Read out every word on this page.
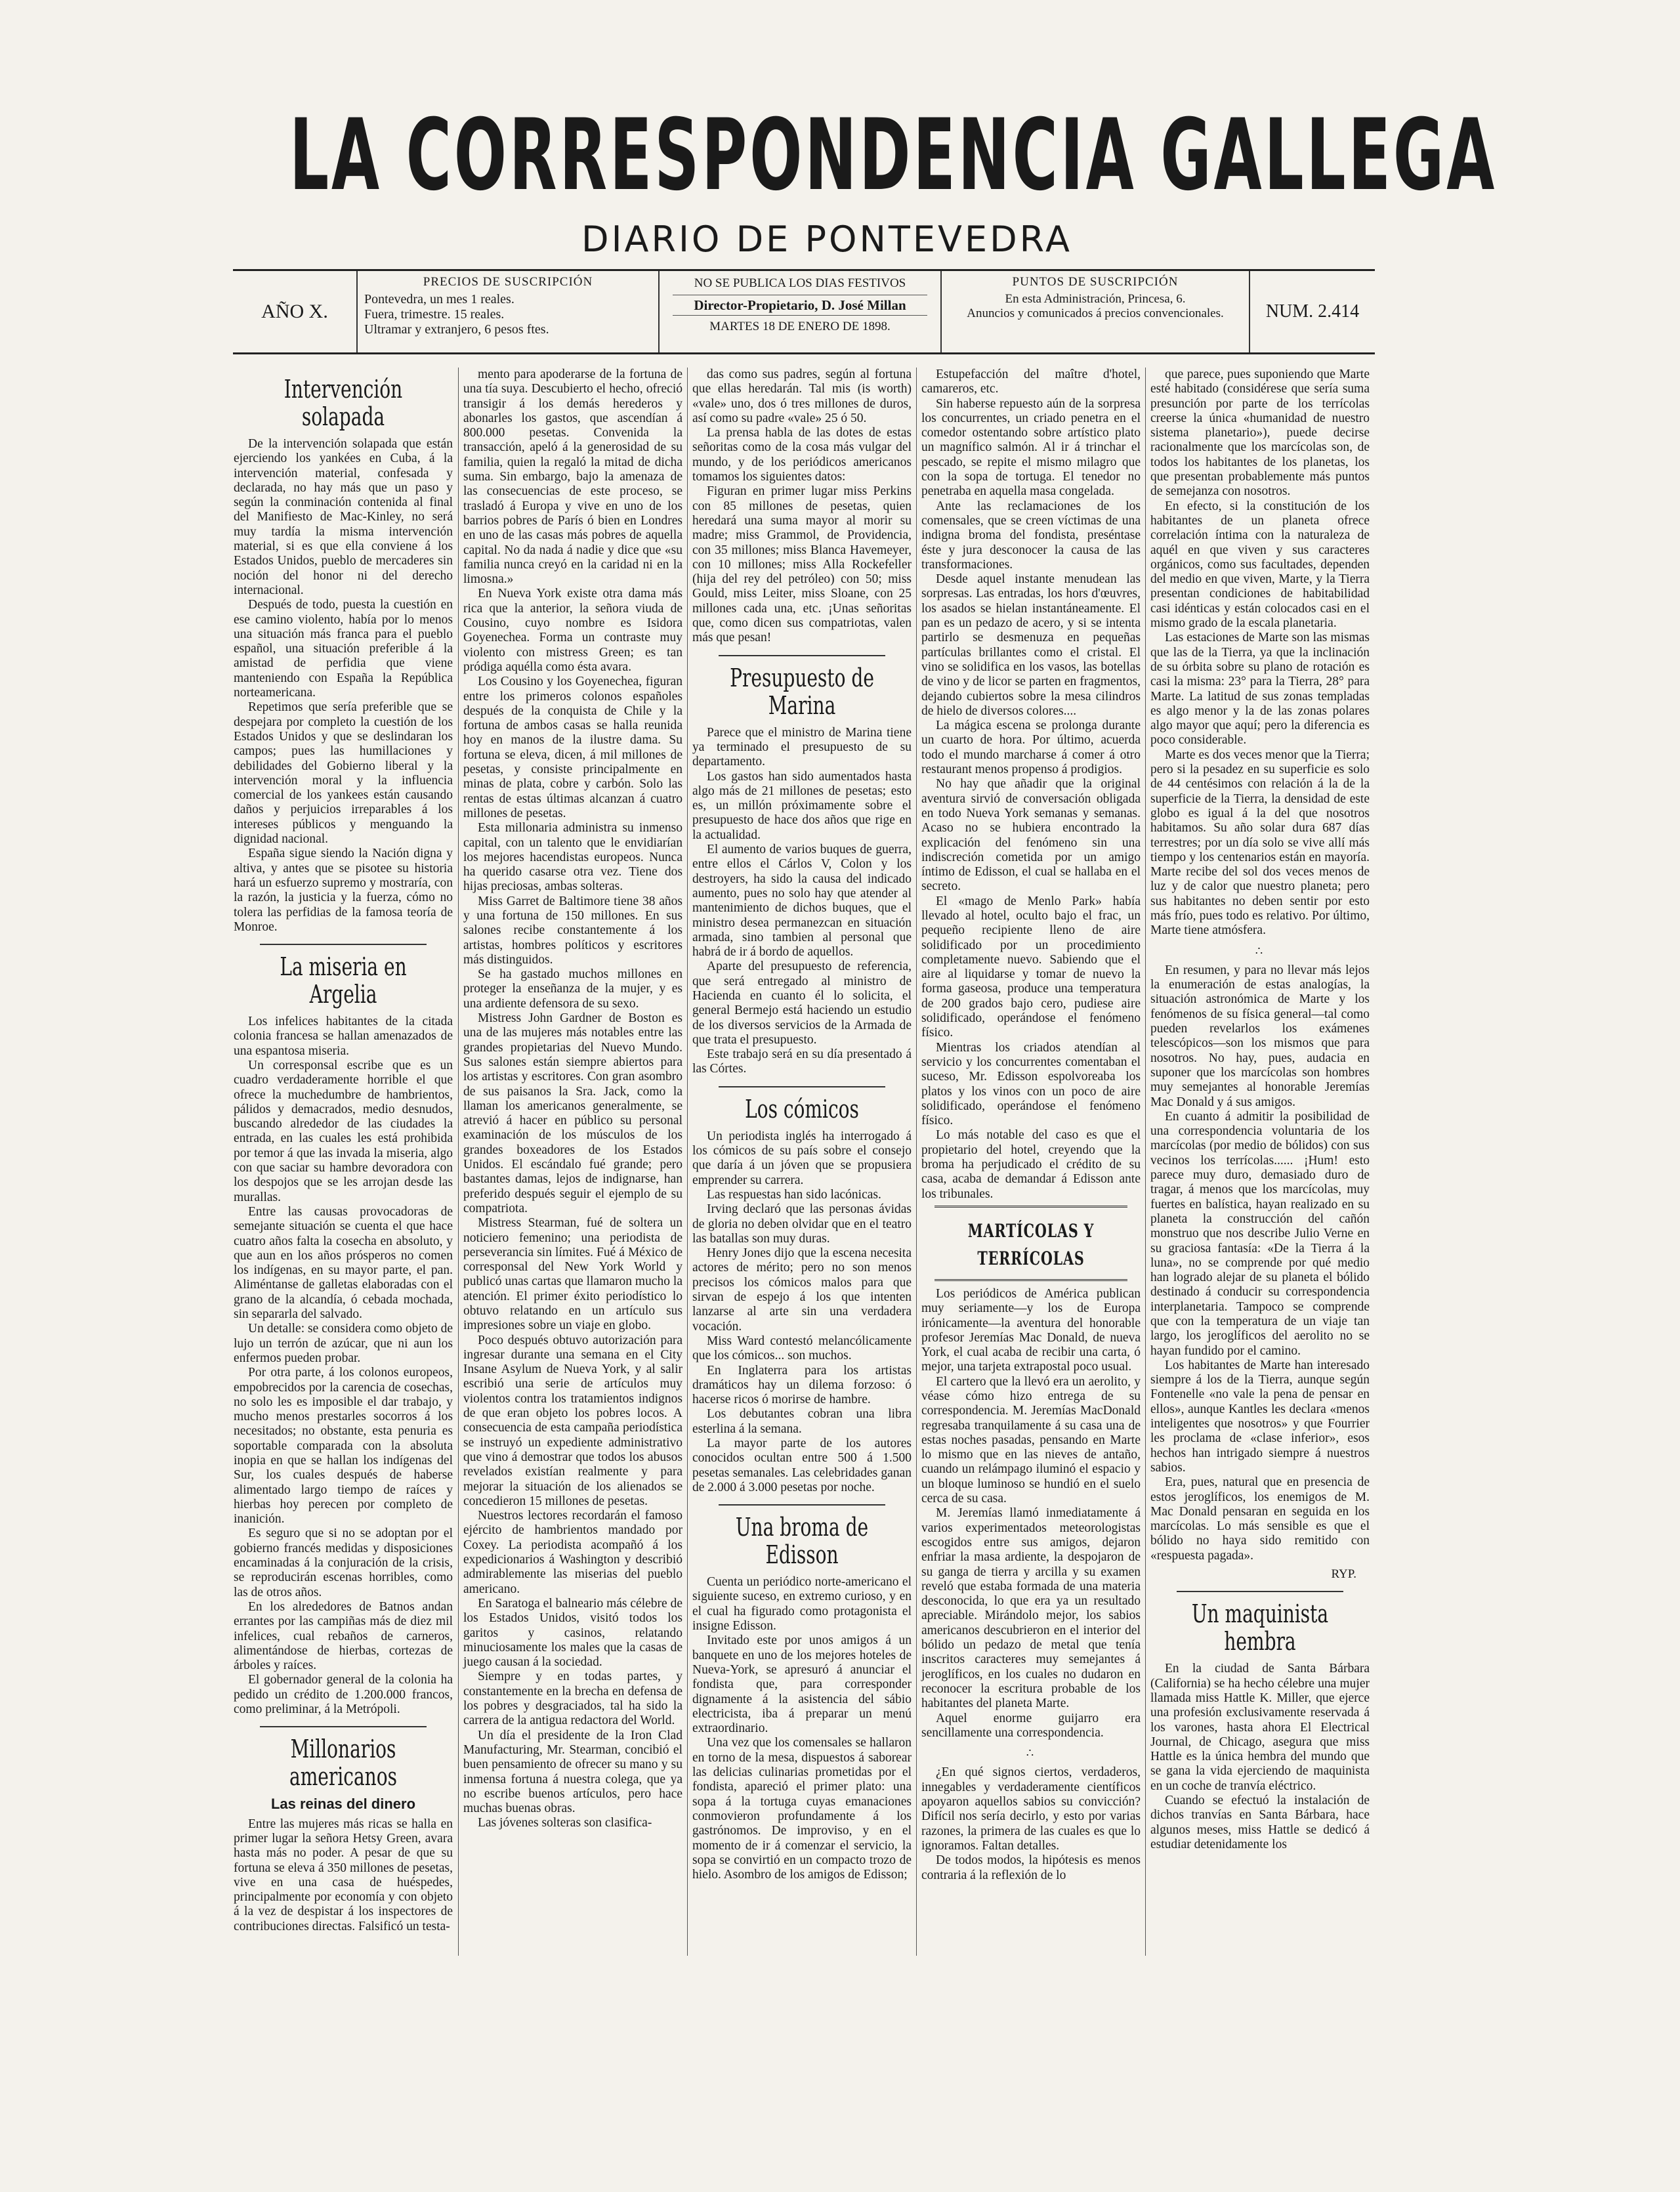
LA CORRESPONDENCIA GALLEGA
DIARIO DE PONTEVEDRA
AÑO X.
PRECIOS DE SUSCRIPCIÓN

Pontevedra, un mes 1 reales.

Fuera, trimestre. 15 reales.

Ultramar y extranjero, 6 pesos ftes.

NO SE PUBLICA LOS DIAS FESTIVOS

Director-Propietario, D. José Millan

MARTES 18 DE ENERO DE 1898.

PUNTOS DE SUSCRIPCIÓN

En esta Administración, Princesa, 6.

Anuncios y comunicados á precios convencionales.	NUM. 2.414
Intervención solapada

De la intervención solapada que están ejerciendo los yankées en Cuba, á la intervención material, confesada y declarada, no hay más que un paso y según la conminación contenida al final del Manifiesto de Mac-Kinley, no será muy tardía la misma intervención material, si es que ella conviene á los Estados Unidos, pueblo de mercaderes sin noción del honor ni del derecho internacional.

Después de todo, puesta la cuestión en ese camino violento, había por lo menos una situación más franca para el pueblo español, una situación preferible á la amistad de perfidia que viene manteniendo con España la República norteamericana.

Repetimos que sería preferible que se despejara por completo la cuestión de los Estados Unidos y que se deslindaran los campos; pues las humillaciones y debilidades del Gobierno liberal y la intervención moral y la influencia comercial de los yankees están causando daños y perjuicios irreparables á los intereses públicos y menguando la dignidad nacional.

España sigue siendo la Nación digna y altiva, y antes que se pisotee su historia hará un esfuerzo supremo y mostraría, con la razón, la justicia y la fuerza, cómo no tolera las perfidias de la famosa teoría de Monroe.

La miseria en Argelia

Los infelices habitantes de la citada colonia francesa se hallan amenazados de una espantosa miseria.

Un corresponsal escribe que es un cuadro verdaderamente horrible el que ofrece la muchedumbre de hambrientos, pálidos y demacrados, medio desnudos, buscando alrededor de las ciudades la entrada, en las cuales les está prohibida por temor á que las invada la miseria, algo con que saciar su hambre devoradora con los despojos que se les arrojan desde las murallas.

Entre las causas provocadoras de semejante situación se cuenta el que hace cuatro años falta la cosecha en absoluto, y que aun en los años prósperos no comen los indígenas, en su mayor parte, el pan. Aliméntanse de galletas elaboradas con el grano de la alcandía, ó cebada mochada, sin separarla del salvado.

Un detalle: se considera como objeto de lujo un terrón de azúcar, que ni aun los enfermos pueden probar.

Por otra parte, á los colonos europeos, empobrecidos por la carencia de cosechas, no solo les es imposible el dar trabajo, y mucho menos prestarles socorros á los necesitados; no obstante, esta penuria es soportable comparada con la absoluta inopia en que se hallan los indígenas del Sur, los cuales después de haberse alimentado largo tiempo de raíces y hierbas hoy perecen por completo de inanición.

Es seguro que si no se adoptan por el gobierno francés medidas y disposiciones encaminadas á la conjuración de la crisis, se reproducirán escenas horribles, como las de otros años.

En los alrededores de Batnos andan errantes por las campiñas más de diez mil infelices, cual rebaños de carneros, alimentándose de hierbas, cortezas de árboles y raíces.

El gobernador general de la colonia ha pedido un crédito de 1.200.000 francos, como preliminar, á la Metrópoli.

Millonarios americanos
Las reinas del dinero

Entre las mujeres más ricas se halla en primer lugar la señora Hetsy Green, avara hasta más no poder. A pesar de que su fortuna se eleva á 350 millones de pesetas, vive en una casa de huéspedes, principalmente por economía y con objeto á la vez de despistar á los inspectores de contribuciones directas. Falsificó un testa-

mento para apoderarse de la fortuna de una tía suya. Descubierto el hecho, ofreció transigir á los demás herederos y abonarles los gastos, que ascendían á 800.000 pesetas. Convenida la transacción, apeló á la generosidad de su familia, quien la regaló la mitad de dicha suma. Sin embargo, bajo la amenaza de las consecuencias de este proceso, se trasladó á Europa y vive en uno de los barrios pobres de París ó bien en Londres en uno de las casas más pobres de aquella capital. No da nada á nadie y dice que «su familia nunca creyó en la caridad ni en la limosna.»

En Nueva York existe otra dama más rica que la anterior, la señora viuda de Cousino, cuyo nombre es Isidora Goyenechea. Forma un contraste muy violento con mistress Green; es tan pródiga aquélla como ésta avara.

Los Cousino y los Goyenechea, figuran entre los primeros colonos españoles después de la conquista de Chile y la fortuna de ambos casas se halla reunida hoy en manos de la ilustre dama. Su fortuna se eleva, dicen, á mil millones de pesetas, y consiste principalmente en minas de plata, cobre y carbón. Solo las rentas de estas últimas alcanzan á cuatro millones de pesetas.

Esta millonaria administra su inmenso capital, con un talento que le envidiarían los mejores hacendistas europeos. Nunca ha querido casarse otra vez. Tiene dos hijas preciosas, ambas solteras.

Miss Garret de Baltimore tiene 38 años y una fortuna de 150 millones. En sus salones recibe constantemente á los artistas, hombres políticos y escritores más distinguidos.

Se ha gastado muchos millones en proteger la enseñanza de la mujer, y es una ardiente defensora de su sexo.

Mistress John Gardner de Boston es una de las mujeres más notables entre las grandes propietarias del Nuevo Mundo. Sus salones están siempre abiertos para los artistas y escritores. Con gran asombro de sus paisanos la Sra. Jack, como la llaman los americanos generalmente, se atrevió á hacer en público su personal examinación de los músculos de los grandes boxeadores de los Estados Unidos. El escándalo fué grande; pero bastantes damas, lejos de indignarse, han preferido después seguir el ejemplo de su compatriota.

Mistress Stearman, fué de soltera un noticiero femenino; una periodista de perseverancia sin límites. Fué á México de corresponsal del New York World y publicó unas cartas que llamaron mucho la atención. El primer éxito periodístico lo obtuvo relatando en un artículo sus impresiones sobre un viaje en globo.

Poco después obtuvo autorización para ingresar durante una semana en el City Insane Asylum de Nueva York, y al salir escribió una serie de artículos muy violentos contra los tratamientos indignos de que eran objeto los pobres locos. A consecuencia de esta campaña periodística se instruyó un expediente administrativo que vino á demostrar que todos los abusos revelados existían realmente y para mejorar la situación de los alienados se concedieron 15 millones de pesetas.

Nuestros lectores recordarán el famoso ejército de hambrientos mandado por Coxey. La periodista acompañó á los expedicionarios á Washington y describió admirablemente las miserias del pueblo americano.

En Saratoga el balneario más célebre de los Estados Unidos, visitó todos los garitos y casinos, relatando minuciosamente los males que la casas de juego causan á la sociedad.

Siempre y en todas partes, y constantemente en la brecha en defensa de los pobres y desgraciados, tal ha sido la carrera de la antigua redactora del World.

Un día el presidente de la Iron Clad Manufacturing, Mr. Stearman, concibió el buen pensamiento de ofrecer su mano y su inmensa fortuna á nuestra colega, que ya no escribe buenos artículos, pero hace muchas buenas obras.

Las jóvenes solteras son clasifica-

das como sus padres, según al fortuna que ellas heredarán. Tal mis (is worth) «vale» uno, dos ó tres millones de duros, así como su padre «vale» 25 ó 50.

La prensa habla de las dotes de estas señoritas como de la cosa más vulgar del mundo, y de los periódicos americanos tomamos los siguientes datos:

Figuran en primer lugar miss Perkins con 85 millones de pesetas, quien heredará una suma mayor al morir su madre; miss Grammol, de Providencia, con 35 millones; miss Blanca Havemeyer, con 10 millones; miss Alla Rockefeller (hija del rey del petróleo) con 50; miss Gould, miss Leiter, miss Sloane, con 25 millones cada una, etc. ¡Unas señoritas que, como dicen sus compatriotas, valen más que pesan!

Presupuesto de Marina

Parece que el ministro de Marina tiene ya terminado el presupuesto de su departamento.

Los gastos han sido aumentados hasta algo más de 21 millones de pesetas; esto es, un millón próximamente sobre el presupuesto de hace dos años que rige en la actualidad.

El aumento de varios buques de guerra, entre ellos el Cárlos V, Colon y los destroyers, ha sido la causa del indicado aumento, pues no solo hay que atender al mantenimiento de dichos buques, que el ministro desea permanezcan en situación armada, sino tambien al personal que habrá de ir á bordo de aquellos.

Aparte del presupuesto de referencia, que será entregado al ministro de Hacienda en cuanto él lo solicita, el general Bermejo está haciendo un estudio de los diversos servicios de la Armada de que trata el presupuesto.

Este trabajo será en su día presentado á las Córtes.

Los cómicos

Un periodista inglés ha interrogado á los cómicos de su país sobre el consejo que daría á un jóven que se propusiera emprender su carrera.

Las respuestas han sido lacónicas.

Irving declaró que las personas ávidas de gloria no deben olvidar que en el teatro las batallas son muy duras.

Henry Jones dijo que la escena necesita actores de mérito; pero no son menos precisos los cómicos malos para que sirvan de espejo á los que intenten lanzarse al arte sin una verdadera vocación.

Miss Ward contestó melancólicamente que los cómicos... son muchos.

En Inglaterra para los artistas dramáticos hay un dilema forzoso: ó hacerse ricos ó morirse de hambre.

Los debutantes cobran una libra esterlina á la semana.

La mayor parte de los autores conocidos ocultan entre 500 á 1.500 pesetas semanales. Las celebridades ganan de 2.000 á 3.000 pesetas por noche.

Una broma de Edisson

Cuenta un periódico norte-americano el siguiente suceso, en extremo curioso, y en el cual ha figurado como protagonista el insigne Edisson.

Invitado este por unos amigos á un banquete en uno de los mejores hoteles de Nueva-York, se apresuró á anunciar el fondista que, para corresponder dignamente á la asistencia del sábio electricista, iba á preparar un menú extraordinario.

Una vez que los comensales se hallaron en torno de la mesa, dispuestos á saborear las delicias culinarias prometidas por el fondista, apareció el primer plato: una sopa á la tortuga cuyas emanaciones conmovieron profundamente á los gastrónomos. De improviso, y en el momento de ir á comenzar el servicio, la sopa se convirtió en un compacto trozo de hielo. Asombro de los amigos de Edisson;

Estupefacción del maître d'hotel, camareros, etc.

Sin haberse repuesto aún de la sorpresa los concurrentes, un criado penetra en el comedor ostentando sobre artístico plato un magnífico salmón. Al ir á trinchar el pescado, se repite el mismo milagro que con la sopa de tortuga. El tenedor no penetraba en aquella masa congelada.

Ante las reclamaciones de los comensales, que se creen víctimas de una indigna broma del fondista, preséntase éste y jura desconocer la causa de las transformaciones.

Desde aquel instante menudean las sorpresas. Las entradas, los hors d'œuvres, los asados se hielan instantáneamente. El pan es un pedazo de acero, y si se intenta partirlo se desmenuza en pequeñas partículas brillantes como el cristal. El vino se solidifica en los vasos, las botellas de vino y de licor se parten en fragmentos, dejando cubiertos sobre la mesa cilindros de hielo de diversos colores....

La mágica escena se prolonga durante un cuarto de hora. Por último, acuerda todo el mundo marcharse á comer á otro restaurant menos propenso á prodigios.

No hay que añadir que la original aventura sirvió de conversación obligada en todo Nueva York semanas y semanas. Acaso no se hubiera encontrado la explicación del fenómeno sin una indiscreción cometida por un amigo íntimo de Edisson, el cual se hallaba en el secreto.

El «mago de Menlo Park» había llevado al hotel, oculto bajo el frac, un pequeño recipiente lleno de aire solidificado por un procedimiento completamente nuevo. Sabiendo que el aire al liquidarse y tomar de nuevo la forma gaseosa, produce una temperatura de 200 grados bajo cero, pudiese aire solidificado, operándose el fenómeno físico.

Mientras los criados atendían al servicio y los concurrentes comentaban el suceso, Mr. Edisson espolvoreaba los platos y los vinos con un poco de aire solidificado, operándose el fenómeno físico.

Lo más notable del caso es que el propietario del hotel, creyendo que la broma ha perjudicado el crédito de su casa, acaba de demandar á Edisson ante los tribunales.

MARTÍCOLAS Y TERRÍCOLAS

Los periódicos de América publican muy seriamente—y los de Europa irónicamente—la aventura del honorable profesor Jeremías Mac Donald, de nueva York, el cual acaba de recibir una carta, ó mejor, una tarjeta extrapostal poco usual.

El cartero que la llevó era un aerolito, y véase cómo hizo entrega de su correspondencia. M. Jeremías MacDonald regresaba tranquilamente á su casa una de estas noches pasadas, pensando en Marte lo mismo que en las nieves de antaño, cuando un relámpago iluminó el espacio y un bloque luminoso se hundió en el suelo cerca de su casa.

M. Jeremías llamó inmediatamente á varios experimentados meteorologistas escogidos entre sus amigos, dejaron enfriar la masa ardiente, la despojaron de su ganga de tierra y arcilla y su examen reveló que estaba formada de una materia desconocida, lo que era ya un resultado apreciable. Mirándolo mejor, los sabios americanos descubrieron en el interior del bólido un pedazo de metal que tenía inscritos caracteres muy semejantes á jeroglíficos, en los cuales no dudaron en reconocer la escritura probable de los habitantes del planeta Marte.

Aquel enorme guijarro era sencillamente una correspondencia.

∴

¿En qué signos ciertos, verdaderos, innegables y verdaderamente científicos apoyaron aquellos sabios su convicción? Difícil nos sería decirlo, y esto por varias razones, la primera de las cuales es que lo ignoramos. Faltan detalles.

De todos modos, la hipótesis es menos contraria á la reflexión de lo

que parece, pues suponiendo que Marte esté habitado (considérese que sería suma presunción por parte de los terrícolas creerse la única «humanidad de nuestro sistema planetario»), puede decirse racionalmente que los marcícolas son, de todos los habitantes de los planetas, los que presentan probablemente más puntos de semejanza con nosotros.

En efecto, si la constitución de los habitantes de un planeta ofrece correlación íntima con la naturaleza de aquél en que viven y sus caracteres orgánicos, como sus facultades, dependen del medio en que viven, Marte, y la Tierra presentan condiciones de habitabilidad casi idénticas y están colocados casi en el mismo grado de la escala planetaria.

Las estaciones de Marte son las mismas que las de la Tierra, ya que la inclinación de su órbita sobre su plano de rotación es casi la misma: 23° para la Tierra, 28° para Marte. La latitud de sus zonas templadas es algo menor y la de las zonas polares algo mayor que aquí; pero la diferencia es poco considerable.

Marte es dos veces menor que la Tierra; pero si la pesadez en su superficie es solo de 44 centésimos con relación á la de la superficie de la Tierra, la densidad de este globo es igual á la del que nosotros habitamos. Su año solar dura 687 días terrestres; por un día solo se vive allí más tiempo y los centenarios están en mayoría. Marte recibe del sol dos veces menos de luz y de calor que nuestro planeta; pero sus habitantes no deben sentir por esto más frío, pues todo es relativo. Por último, Marte tiene atmósfera.

∴

En resumen, y para no llevar más lejos la enumeración de estas analogías, la situación astronómica de Marte y los fenómenos de su física general—tal como pueden revelarlos los exámenes telescópicos—son los mismos que para nosotros. No hay, pues, audacia en suponer que los marcícolas son hombres muy semejantes al honorable Jeremías Mac Donald y á sus amigos.

En cuanto á admitir la posibilidad de una correspondencia voluntaria de los marcícolas (por medio de bólidos) con sus vecinos los terrícolas...... ¡Hum! esto parece muy duro, demasiado duro de tragar, á menos que los marcícolas, muy fuertes en balística, hayan realizado en su planeta la construcción del cañón monstruo que nos describe Julio Verne en su graciosa fantasía: «De la Tierra á la luna», no se comprende por qué medio han logrado alejar de su planeta el bólido destinado á conducir su correspondencia interplanetaria. Tampoco se comprende que con la temperatura de un viaje tan largo, los jeroglíficos del aerolito no se hayan fundido por el camino.

Los habitantes de Marte han interesado siempre á los de la Tierra, aunque según Fontenelle «no vale la pena de pensar en ellos», aunque Kantles les declara «menos inteligentes que nosotros» y que Fourrier les proclama de «clase inferior», esos hechos han intrigado siempre á nuestros sabios.

Era, pues, natural que en presencia de estos jeroglíficos, los enemigos de M. Mac Donald pensaran en seguida en los marcícolas. Lo más sensible es que el bólido no haya sido remitido con «respuesta pagada».

RYP.
Un maquinista hembra

En la ciudad de Santa Bárbara (California) se ha hecho célebre una mujer llamada miss Hattle K. Miller, que ejerce una profesión exclusivamente reservada á los varones, hasta ahora El Electrical Journal, de Chicago, asegura que miss Hattle es la única hembra del mundo que se gana la vida ejerciendo de maquinista en un coche de tranvía eléctrico.

Cuando se efectuó la instalación de dichos tranvías en Santa Bárbara, hace algunos meses, miss Hattle se dedicó á estudiar detenidamente los
